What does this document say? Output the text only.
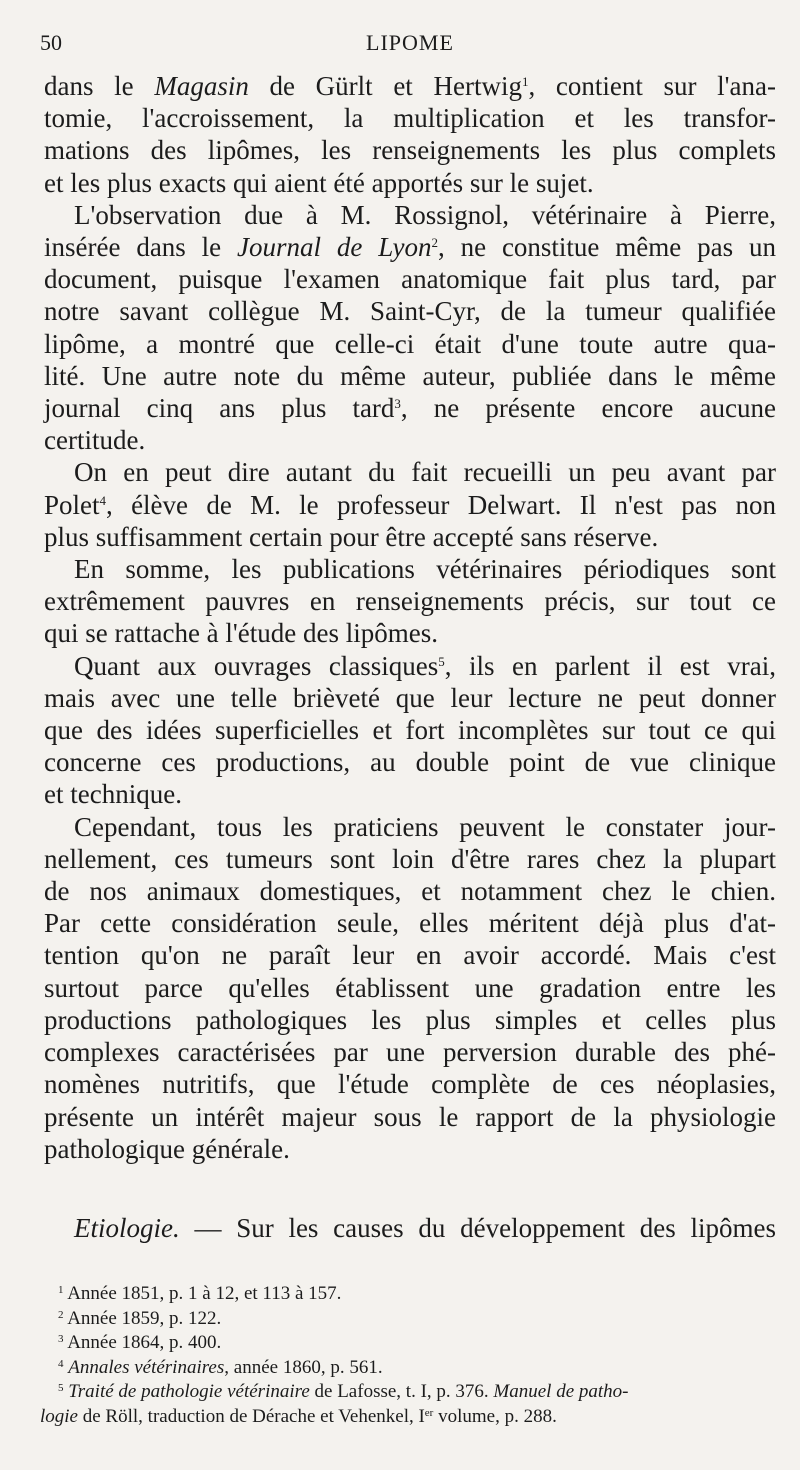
50	LIPOME
dans le Magasin de Gürlt et Hertwig$^1$, contient sur l'ana-
tomie, l'accroissement, la multiplication et les transfor-
mations des lipômes, les renseignements les plus complets
et les plus exacts qui aient été apportés sur le sujet.
L'observation due à M. Rossignol, vétérinaire à Pierre,
insérée dans le Journal de Lyon$^2$, ne constitue même pas un
document, puisque l'examen anatomique fait plus tard, par
notre savant collègue M. Saint-Cyr, de la tumeur qualifiée
lipôme, a montré que celle-ci était d'une toute autre qua-
lité. Une autre note du même auteur, publiée dans le même
journal cinq ans plus tard$^3$, ne présente encore aucune
certitude.
On en peut dire autant du fait recueilli un peu avant par
Polet$^4$, élève de M. le professeur Delwart. Il n'est pas non
plus suffisamment certain pour être accepté sans réserve.
En somme, les publications vétérinaires périodiques sont
extrêmement pauvres en renseignements précis, sur tout ce
qui se rattache à l'étude des lipômes.
Quant aux ouvrages classiques$^5$, ils en parlent il est vrai,
mais avec une telle brièveté que leur lecture ne peut donner
que des idées superficielles et fort incomplètes sur tout ce qui
concerne ces productions, au double point de vue clinique
et technique.
Cependant, tous les praticiens peuvent le constater jour-
nellement, ces tumeurs sont loin d'être rares chez la plupart
de nos animaux domestiques, et notamment chez le chien.
Par cette considération seule, elles méritent déjà plus d'at-
tention qu'on ne paraît leur en avoir accordé. Mais c'est
surtout parce qu'elles établissent une gradation entre les
productions pathologiques les plus simples et celles plus
complexes caractérisées par une perversion durable des phé-
nomènes nutritifs, que l'étude complète de ces néoplasies,
présente un intérêt majeur sous le rapport de la physiologie
pathologique générale.
Etiologie. — Sur les causes du développement des lipômes
$^1$ Année 1851, p. 1 à 12, et 113 à 157.
$^2$ Année 1859, p. 122.
$^3$ Année 1864, p. 400.
$^4$ Annales vétérinaires, année 1860, p. 561.
$^5$ Traité de pathologie vétérinaire de Lafosse, t. I, p. 376. Manuel de patho-
logie de Röll, traduction de Dérache et Vehenkel, Ier volume, p. 288.
